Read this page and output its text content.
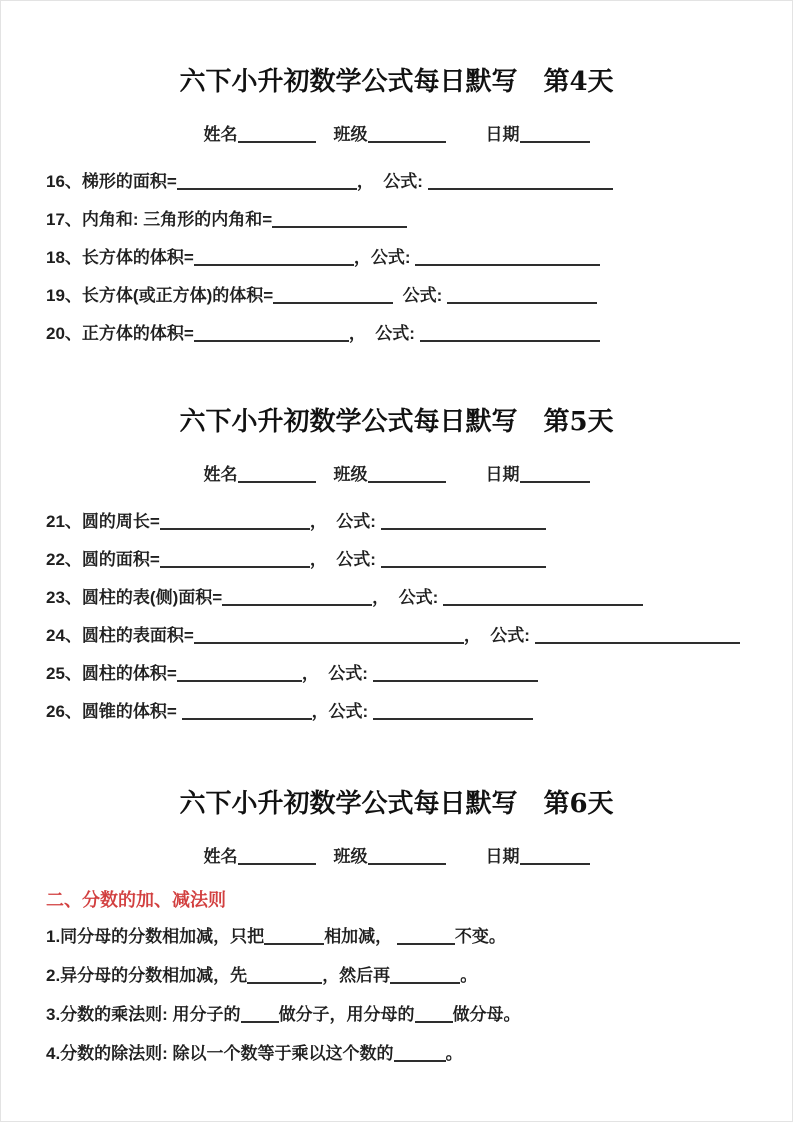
六下小升初数学公式每日默写　第4天
姓名	班级	日期
16、梯形的面积=	，  公式:
17、内角和: 三角形的内角和=
18、长方体的体积=	，公式:
19、长方体(或正方体)的体积=	公式:
20、正方体的体积=	，  公式:
六下小升初数学公式每日默写　第5天
姓名	班级	日期
21、圆的周长=	，  公式:
22、圆的面积=	，  公式:
23、圆柱的表(侧)面积=	，  公式:
24、圆柱的表面积=	，  公式:
25、圆柱的体积=	，  公式:
26、圆锥的体积=	，公式:
六下小升初数学公式每日默写　第6天
姓名	班级	日期
二、分数的加、减法则
1.同分母的分数相加减，只把	相加减，	不变。
2.异分母的分数相加减，先	，然后再	。
3.分数的乘法则: 用分子的 做分子，用分母的 做分母。
4.分数的除法则: 除以一个数等于乘以这个数的	。
